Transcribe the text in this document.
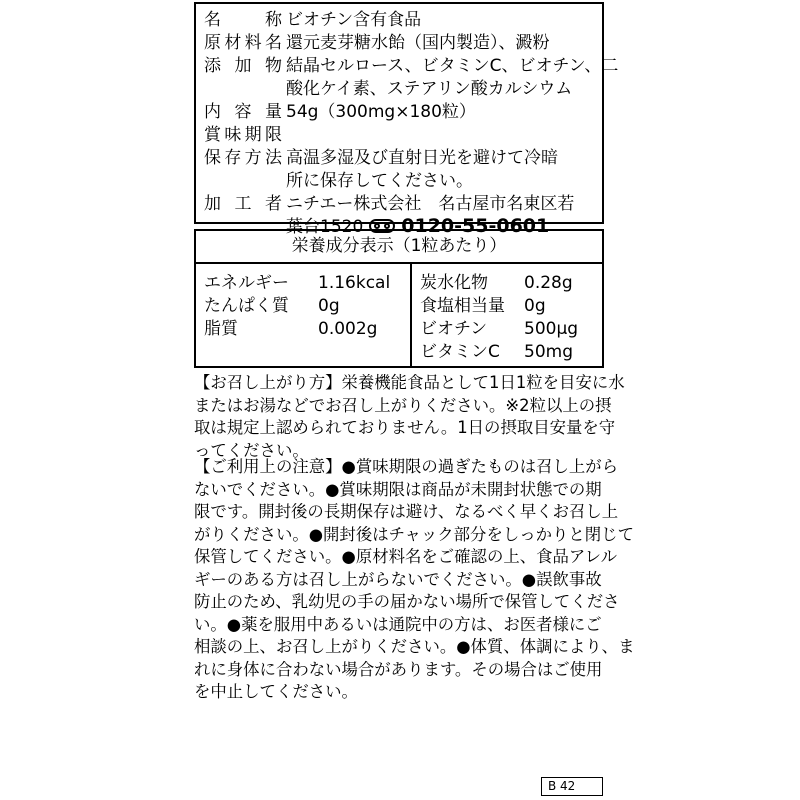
名	称 ビオチン含有食品
原 材 料 名 還元麦芽糖水飴（国内製造）、澱粉
添 加 物 結晶セルロース、ビタミンC、ビオチン、二
酸化ケイ素、ステアリン酸カルシウム
内 容 量 54g（300mg×180粒）
賞 味 期 限
保 存 方 法 高温多湿及び直射日光を避けて冷暗
所に保存してください。
加 工 者 ニチエー株式会社　名古屋市名東区若
葉台1520 0120-55-0601
栄養成分表示（1粒あたり）
エネルギー 1.16kcal
たんぱく質 0g
脂質	0.002g
炭水化物 0.28g
食塩相当量 0g
ビオチン 500μg
ビタミンC 50mg
【お召し上がり方】栄養機能食品として1日1粒を目安に水
またはお湯などでお召し上がりください。※2粒以上の摂
取は規定上認められておりません。1日の摂取目安量を守
ってください。
【ご利用上の注意】●賞味期限の過ぎたものは召し上がら
ないでください。●賞味期限は商品が未開封状態での期
限です。開封後の長期保存は避け、なるべく早くお召し上
がりください。●開封後はチャック部分をしっかりと閉じて
保管してください。●原材料名をご確認の上、食品アレル
ギーのある方は召し上がらないでください。●誤飲事故
防止のため、乳幼児の手の届かない場所で保管してくださ
い。●薬を服用中あるいは通院中の方は、お医者様にご
相談の上、お召し上がりください。●体質、体調により、ま
れに身体に合わない場合があります。その場合はご使用
を中止してください。
B 42
